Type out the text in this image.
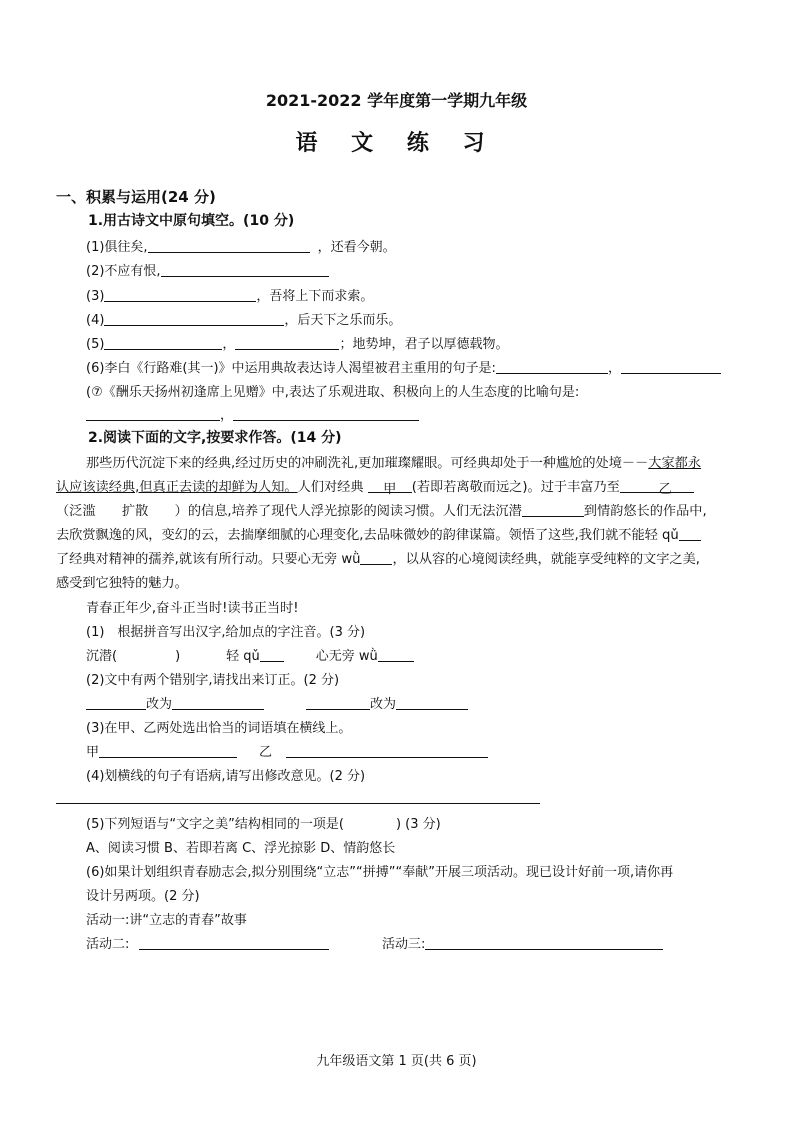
2021-2022 学年度第一学期九年级
语 文 练 习
一、积累与运用(24 分)
1.用古诗文中原句填空。(10 分)
(1)俱往矣,	，还看今朝。
(2)不应有恨,
(3)	，吾将上下而求索。
(4)	，后天下之乐而乐。
(5)	，	；地势坤，君子以厚德载物。
(6)李白《行路难(其一)》中运用典故表达诗人渴望被君主重用的句子是:	，
(⑦《酬乐天扬州初逢席上见赠》中,表达了乐观进取、积极向上的人生态度的比喻句是:
，
2.阅读下面的文字,按要求作答。(14 分)
那些历代沉淀下来的经典,经过历史的冲刷洗礼,更加璀璨耀眼。可经典却处于一种尴尬的处境－－大家都永
认应该读经典,但真正去读的却鲜为人知。人们对经典 甲 (若即若离敬而远之)。过于丰富乃至	乙
（泛滥　　扩散　　）的信息,培养了现代人浮光掠影的阅读习惯。人们无法沉潜	到情韵悠长的作品中,
去欣赏飘逸的风，变幻的云，去揣摩细腻的心理变化,去品味微妙的韵律谋篇。领悟了这些,我们就不能轻 qǔ
了经典对精神的孺养,就该有所行动。只要心无旁 wǜ ，以从容的心境阅读经典，就能享受纯粹的文字之美,
感受到它独特的魅力。
青春正年少,奋斗正当时!读书正当时!
(1)　根据拼音写出汉字,给加点的字注音。(3 分)
沉潜(	)	轻 qǔ	心无旁 wǜ
(2)文中有两个错别字,请找出来订正。(2 分)
改为	改为
(3)在甲、乙两处选出恰当的词语填在横线上。
甲	乙
(4)划横线的句子有语病,请写出修改意见。(2 分)
(5)下列短语与“文字之美”结构相同的一项是(	) (3 分)
A、阅读习惯 B、若即若离 C、浮光掠影 D、情韵悠长
(6)如果计划组织青春励志会,拟分别围绕“立志”“拼搏”“奉献”开展三项活动。现已设计好前一项,请你再
设计另两项。(2 分)
活动一:讲“立志的青春”故事
活动二:	活动三:
九年级语文第 1 页(共 6 页)
